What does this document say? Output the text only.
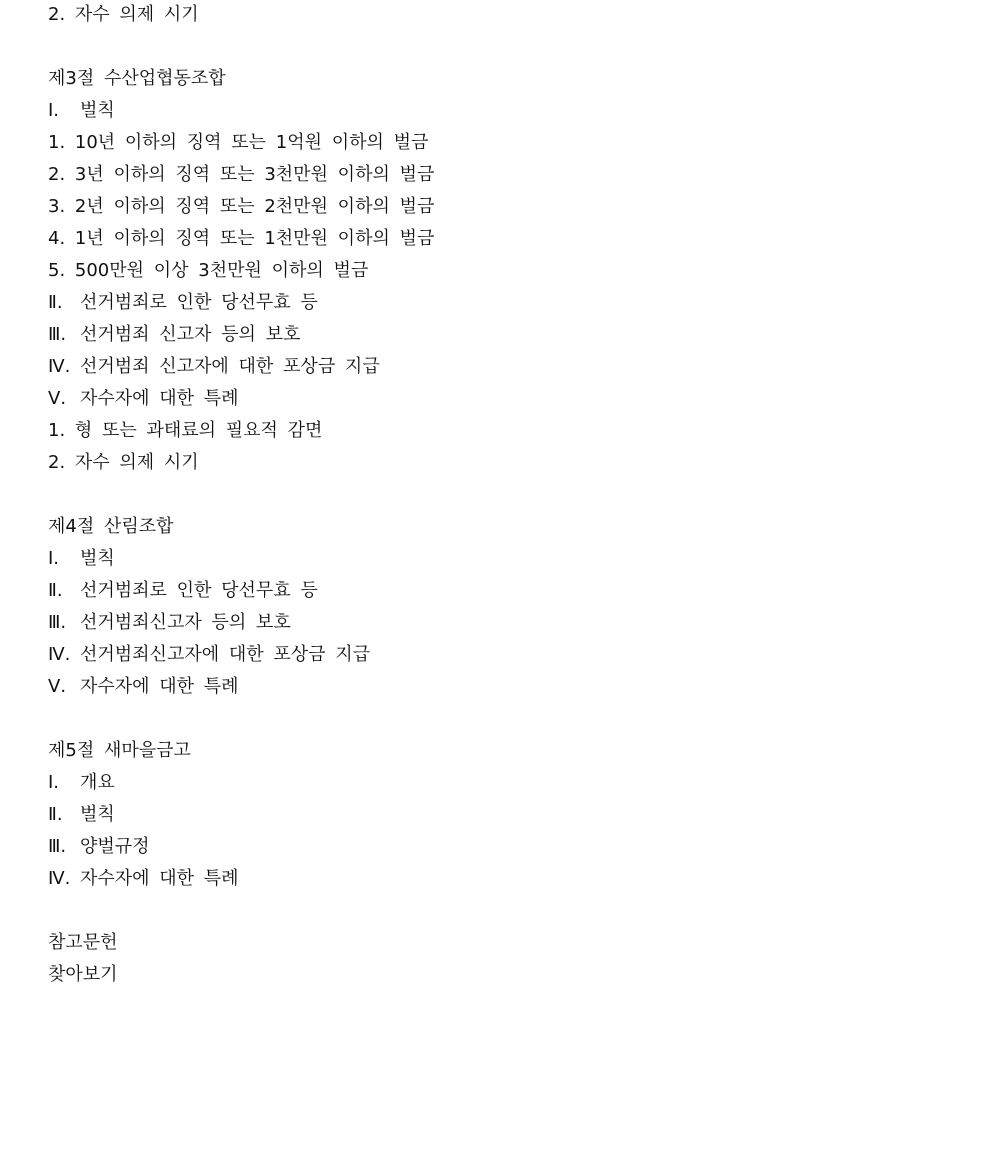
2. 자수 의제 시기
제3절 수산업협동조합
Ⅰ. 벌칙
1. 10년 이하의 징역 또는 1억원 이하의 벌금
2. 3년 이하의 징역 또는 3천만원 이하의 벌금
3. 2년 이하의 징역 또는 2천만원 이하의 벌금
4. 1년 이하의 징역 또는 1천만원 이하의 벌금
5. 500만원 이상 3천만원 이하의 벌금
Ⅱ. 선거범죄로 인한 당선무효 등
Ⅲ. 선거범죄 신고자 등의 보호
Ⅳ. 선거범죄 신고자에 대한 포상금 지급
Ⅴ. 자수자에 대한 특례
1. 형 또는 과태료의 필요적 감면
2. 자수 의제 시기
제4절 산림조합
Ⅰ. 벌칙
Ⅱ. 선거범죄로 인한 당선무효 등
Ⅲ. 선거범죄신고자 등의 보호
Ⅳ. 선거범죄신고자에 대한 포상금 지급
Ⅴ. 자수자에 대한 특례
제5절 새마을금고
Ⅰ. 개요
Ⅱ. 벌칙
Ⅲ. 양벌규정
Ⅳ. 자수자에 대한 특례
참고문헌
찾아보기
